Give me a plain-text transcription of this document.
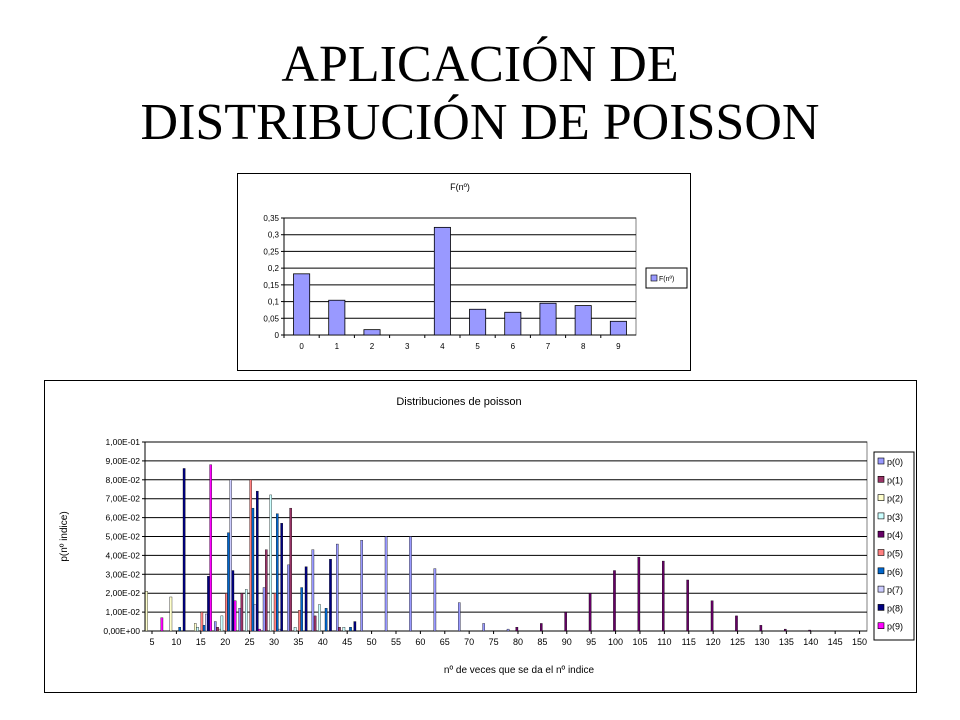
APLICACIÓN DE
DISTRIBUCIÓN DE POISSON
F(nº)
0
0,05
0,1
0,15
0,2
0,25
0,3
0,35
0	1	2	3	4	5	6	7	8	9
F(nº)
Distribuciones de poisson
0,00E+00
1,00E-02
2,00E-02
3,00E-02
4,00E-02
5,00E-02
6,00E-02
7,00E-02
8,00E-02
9,00E-02
1,00E-01
5 10 15 20 25 30 35 40 45 50 55 60 65 70 75 80 85 90 95 100 105 110 115 120 125 130 135 140 145 150
nº de veces que se da el nº indice
p(nº indice)
p(0)
p(1)
p(2)
p(3)
p(4)
p(5)
p(6)
p(7)
p(8)
p(9)
